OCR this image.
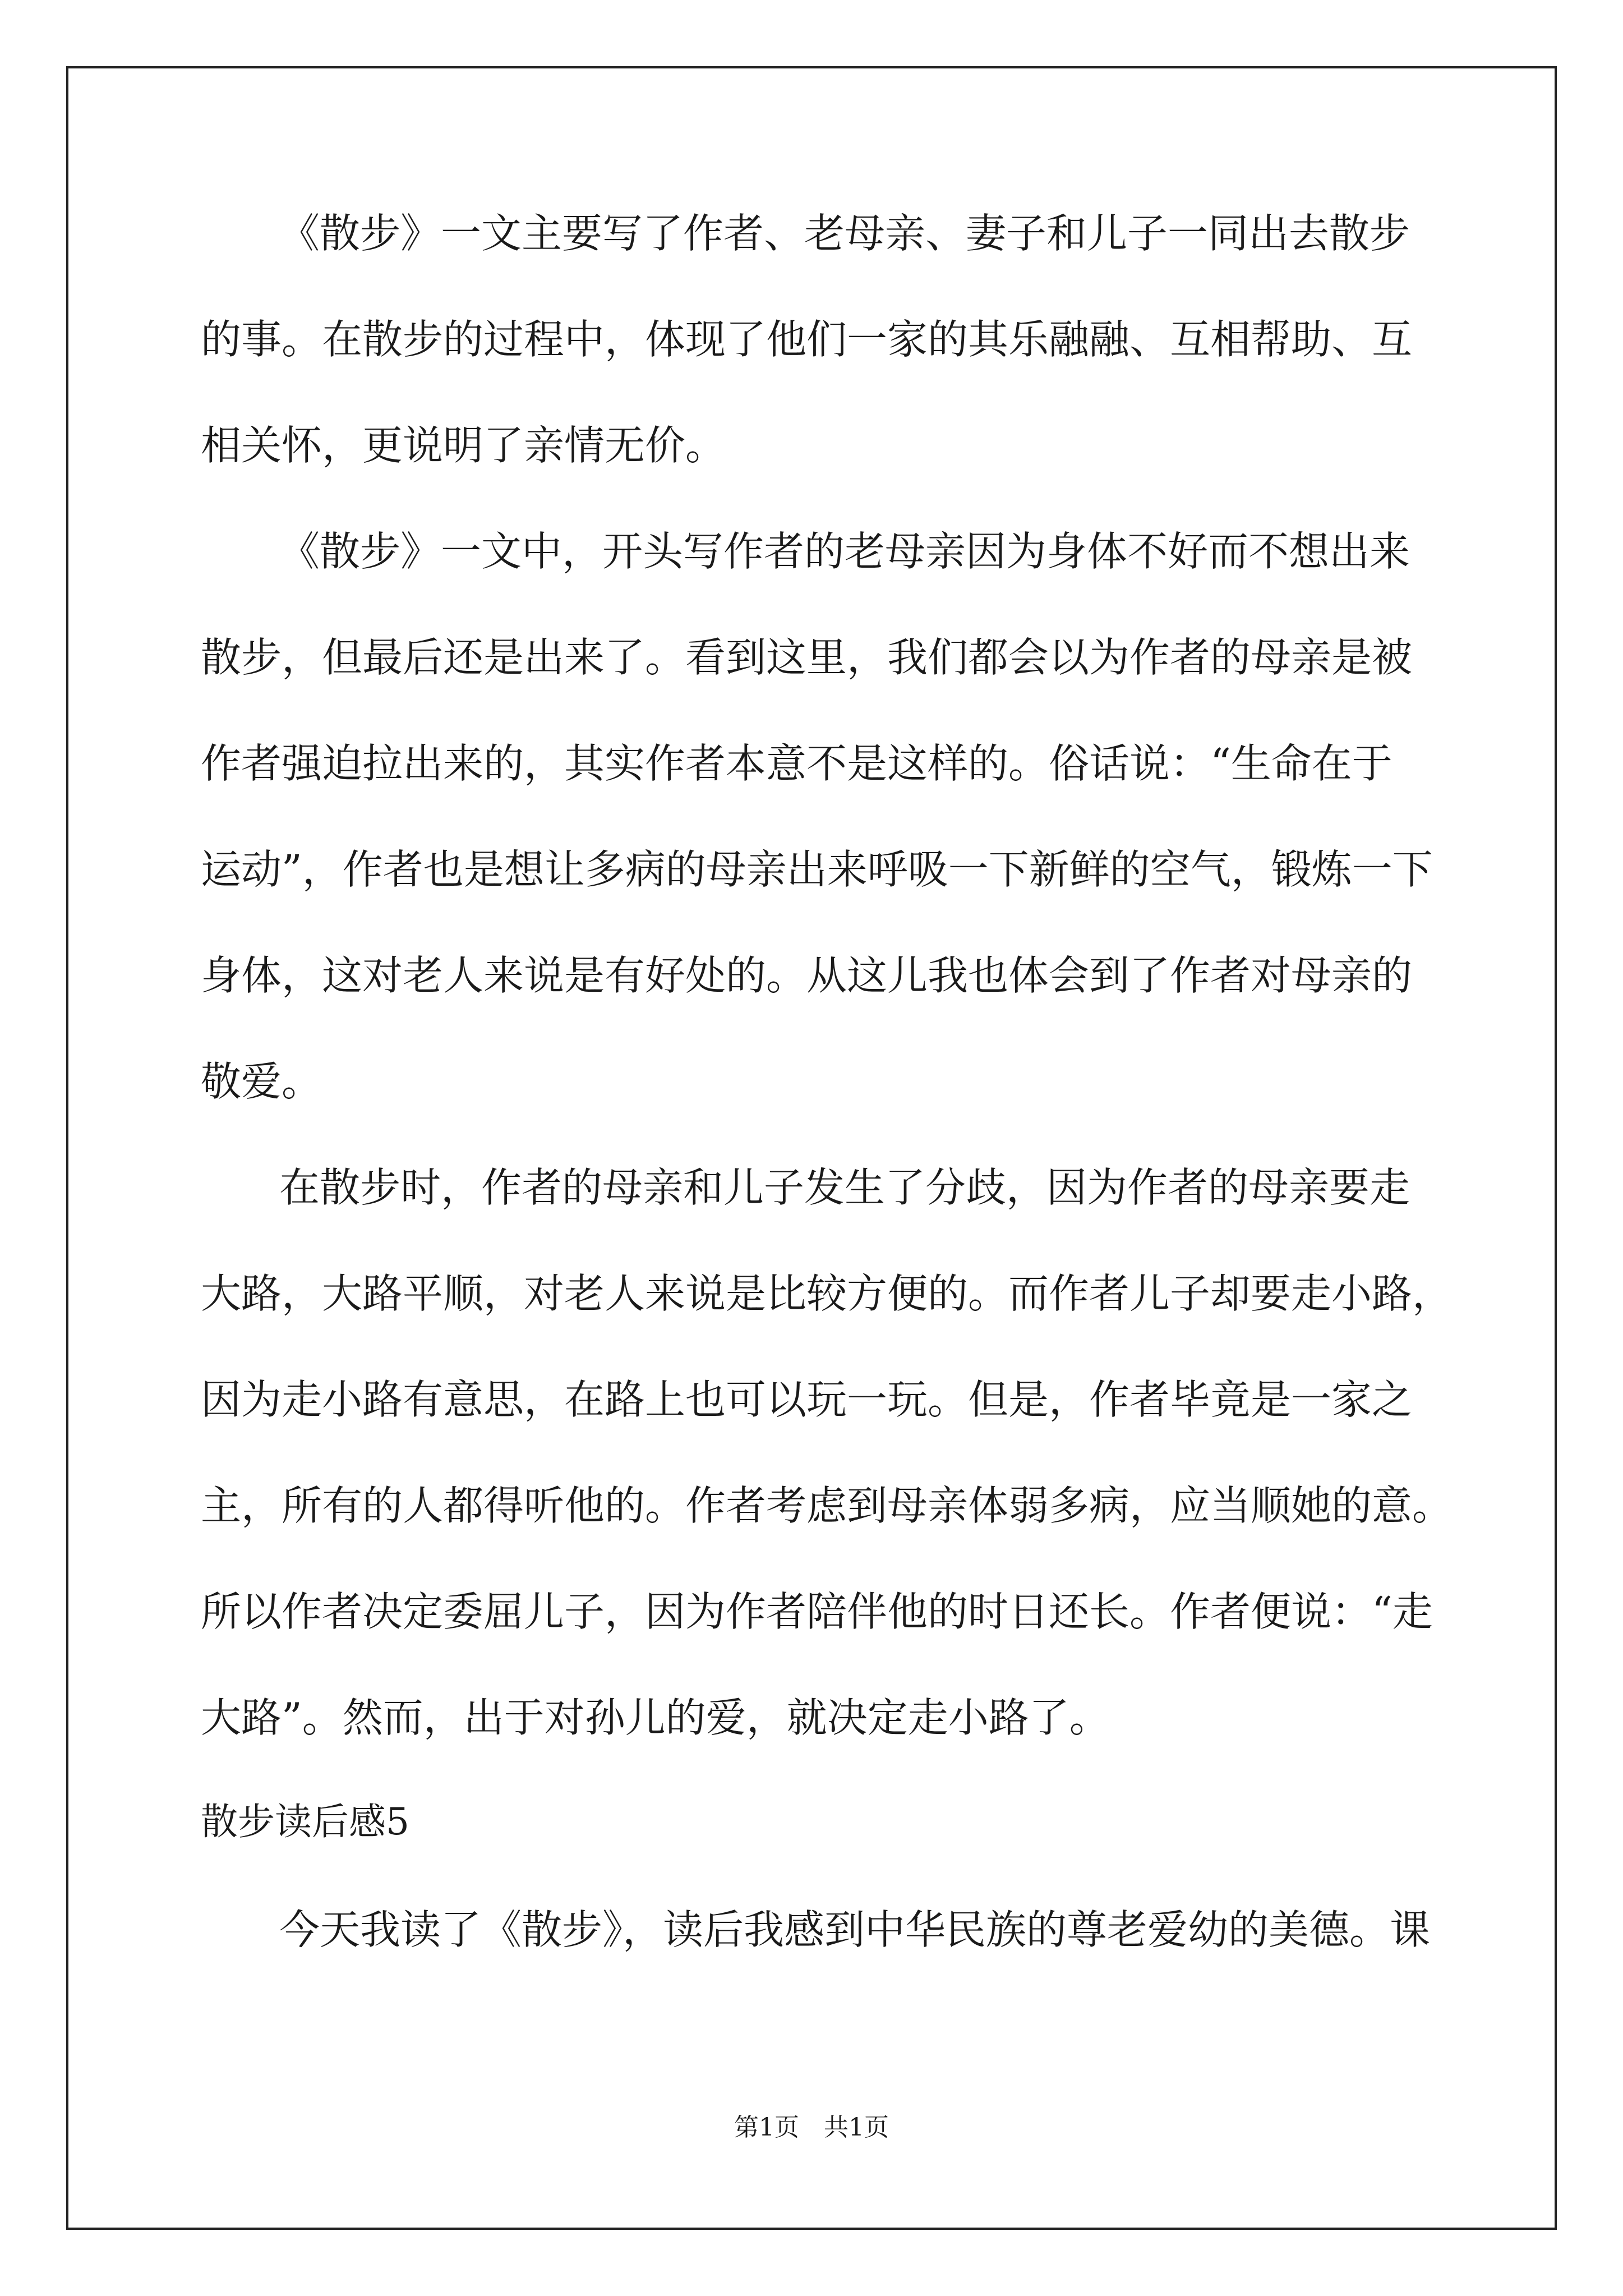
《散步》一文主要写了作者、老母亲、妻子和儿子一同出去散步
的事。在散步的过程中，体现了他们一家的其乐融融、互相帮助、互
相关怀，更说明了亲情无价。
《散步》一文中，开头写作者的老母亲因为身体不好而不想出来
散步，但最后还是出来了。看到这里，我们都会以为作者的母亲是被
作者强迫拉出来的，其实作者本意不是这样的。俗话说：“生命在于
运动”，作者也是想让多病的母亲出来呼吸一下新鲜的空气，锻炼一下
身体，这对老人来说是有好处的。从这儿我也体会到了作者对母亲的
敬爱。
在散步时，作者的母亲和儿子发生了分歧，因为作者的母亲要走
大路，大路平顺，对老人来说是比较方便的。而作者儿子却要走小路，
因为走小路有意思，在路上也可以玩一玩。但是，作者毕竟是一家之
主，所有的人都得听他的。作者考虑到母亲体弱多病，应当顺她的意。
所以作者决定委屈儿子，因为作者陪伴他的时日还长。作者便说：“走
大路”。然而，出于对孙儿的爱，就决定走小路了。
散步读后感5
今天我读了《散步》，读后我感到中华民族的尊老爱幼的美德。课
第1页　共1页
